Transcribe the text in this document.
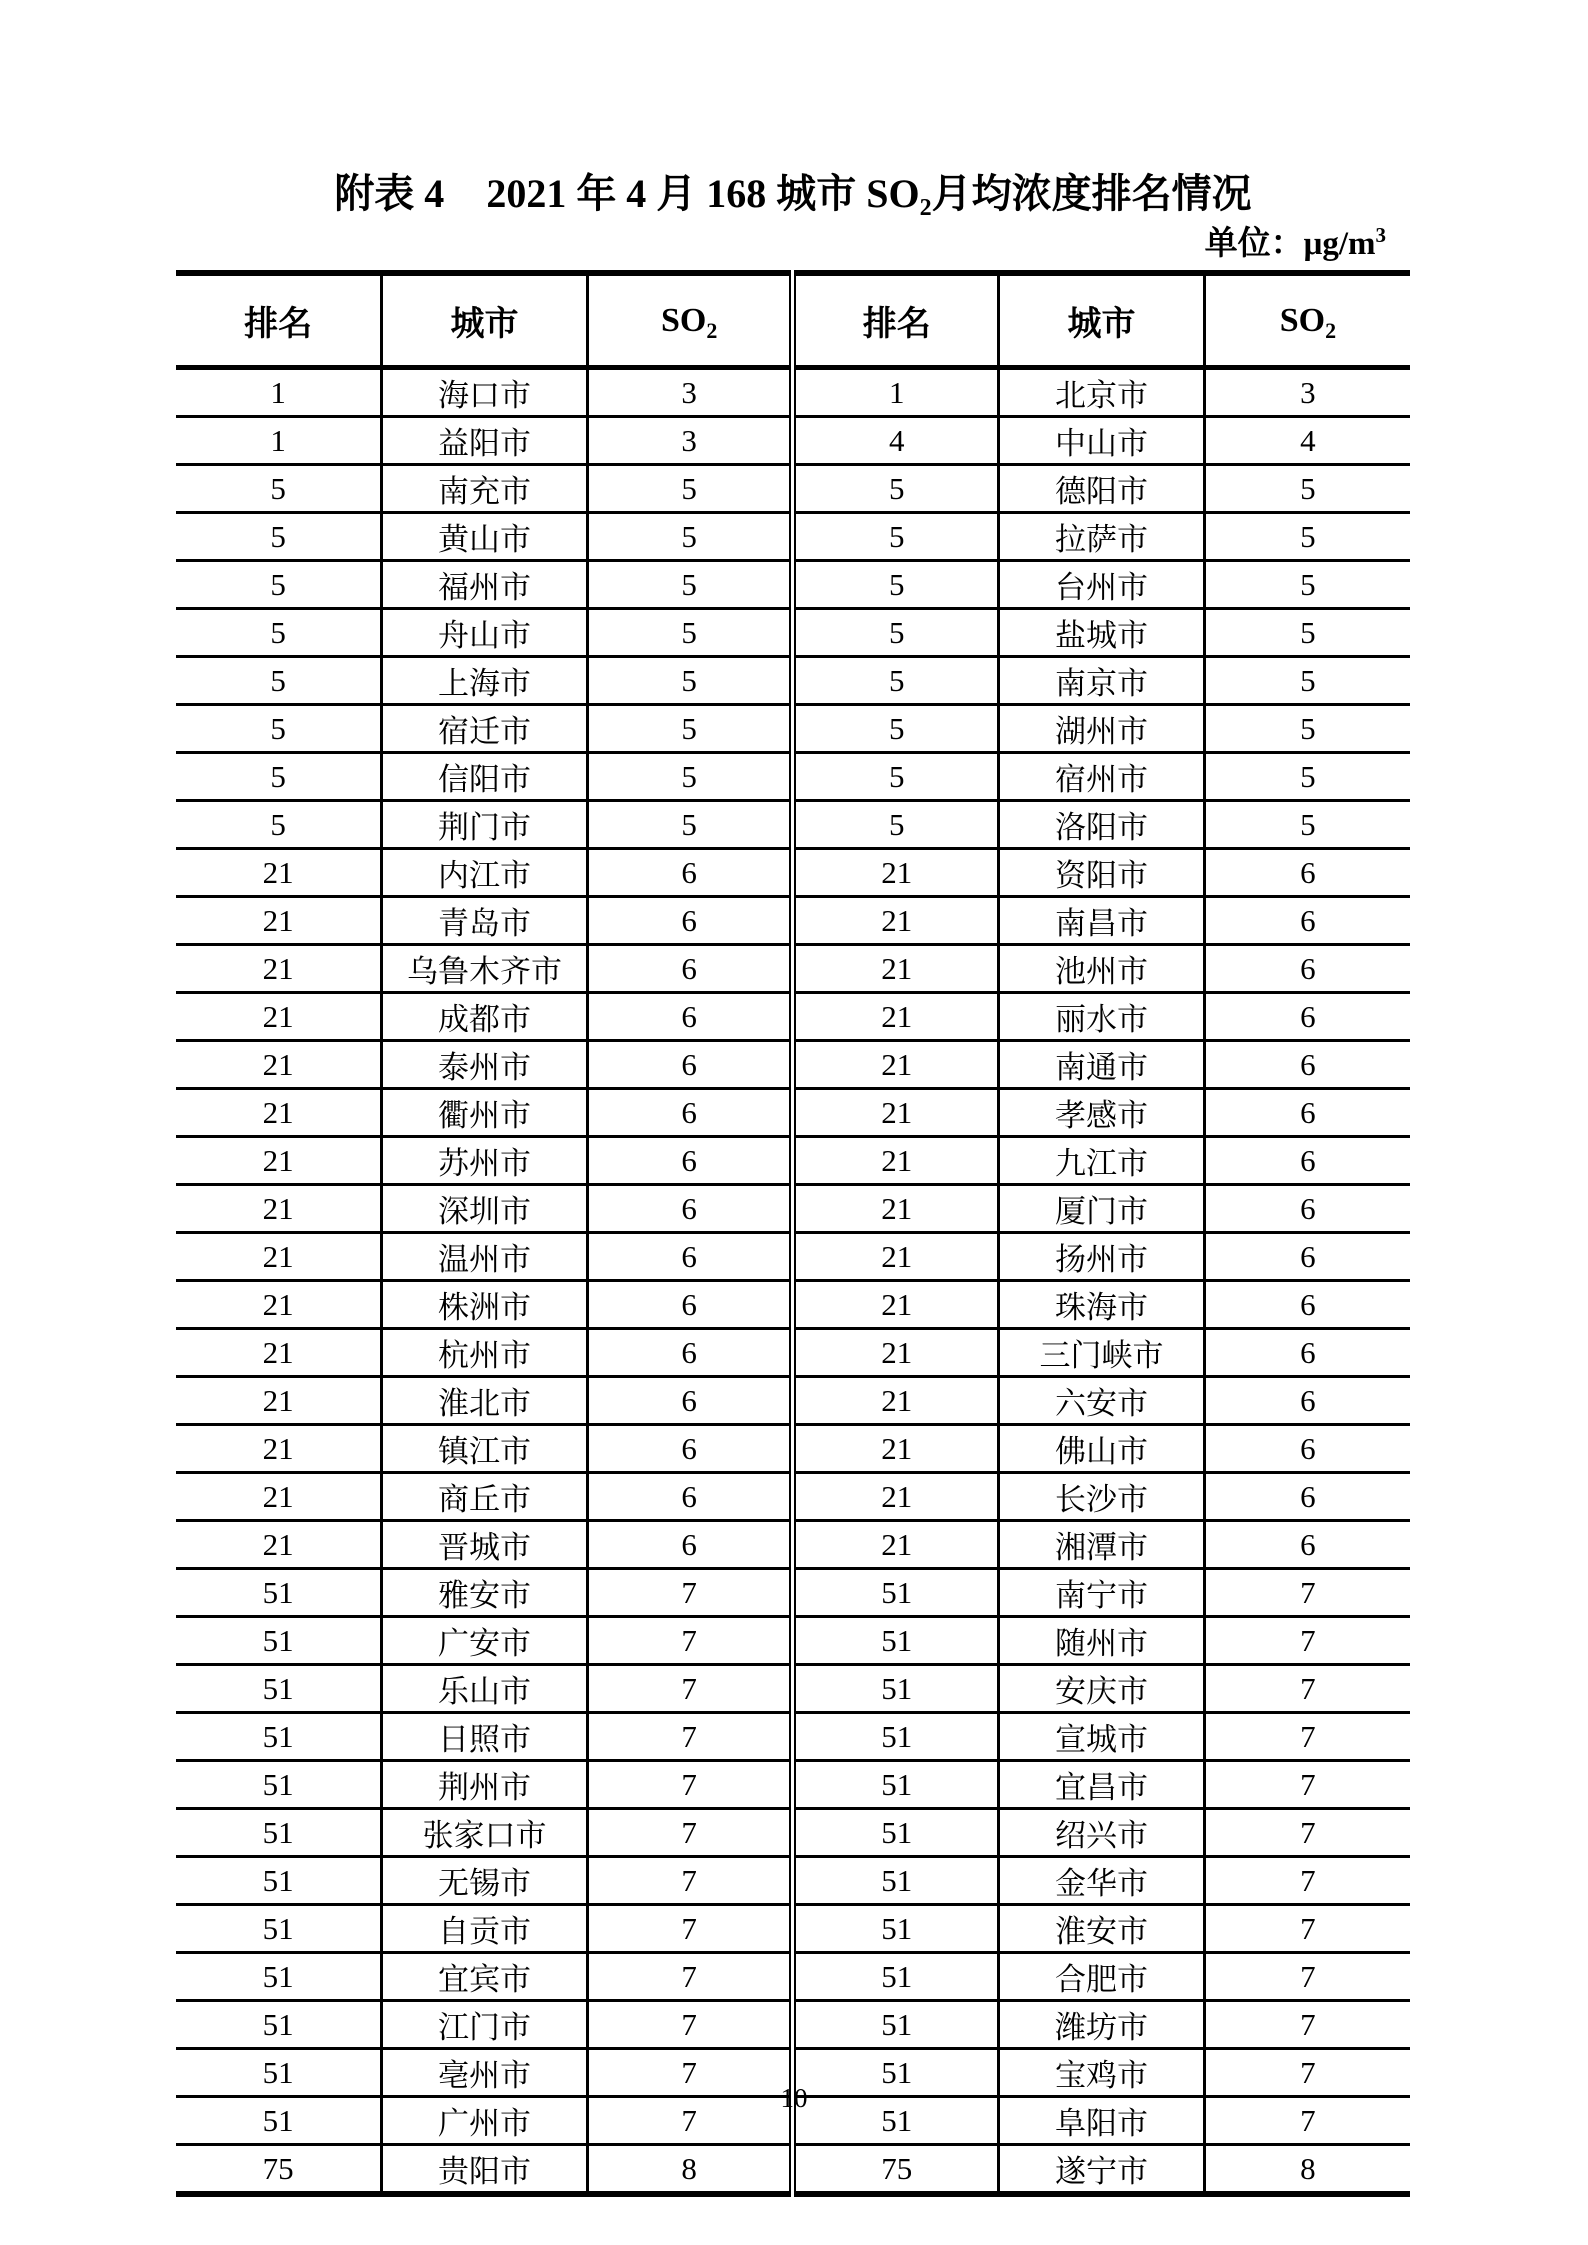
附表 4 2021 年 4 月 168 城市 $SO_2$月均浓度排名情况
单位：$\mu g/m^3$
排名	城市	$SO_2$	排名	城市	$SO_2$
1	海口市	3	1	北京市	3
1	益阳市	3	4	中山市	4
5	南充市	5	5	德阳市	5
5	黄山市	5	5	拉萨市	5
5	福州市	5	5	台州市	5
5	舟山市	5	5	盐城市	5
5	上海市	5	5	南京市	5
5	宿迁市	5	5	湖州市	5
5	信阳市	5	5	宿州市	5
5	荆门市	5	5	洛阳市	5
21	内江市	6	21	资阳市	6
21	青岛市	6	21	南昌市	6
21	乌鲁木齐市	6	21	池州市	6
21	成都市	6	21	丽水市	6
21	泰州市	6	21	南通市	6
21	衢州市	6	21	孝感市	6
21	苏州市	6	21	九江市	6
21	深圳市	6	21	厦门市	6
21	温州市	6	21	扬州市	6
21	株洲市	6	21	珠海市	6
21	杭州市	6	21	三门峡市	6
21	淮北市	6	21	六安市	6
21	镇江市	6	21	佛山市	6
21	商丘市	6	21	长沙市	6
21	晋城市	6	21	湘潭市	6
51	雅安市	7	51	南宁市	7
51	广安市	7	51	随州市	7
51	乐山市	7	51	安庆市	7
51	日照市	7	51	宣城市	7
51	荆州市	7	51	宜昌市	7
51	张家口市	7	51	绍兴市	7
51	无锡市	7	51	金华市	7
51	自贡市	7	51	淮安市	7
51	宜宾市	7	51	合肥市	7
51	江门市	7	51	潍坊市	7
51	亳州市	7	51	宝鸡市	7
51	广州市	7	51	阜阳市	7
75	贵阳市	8	75	遂宁市	8
10
